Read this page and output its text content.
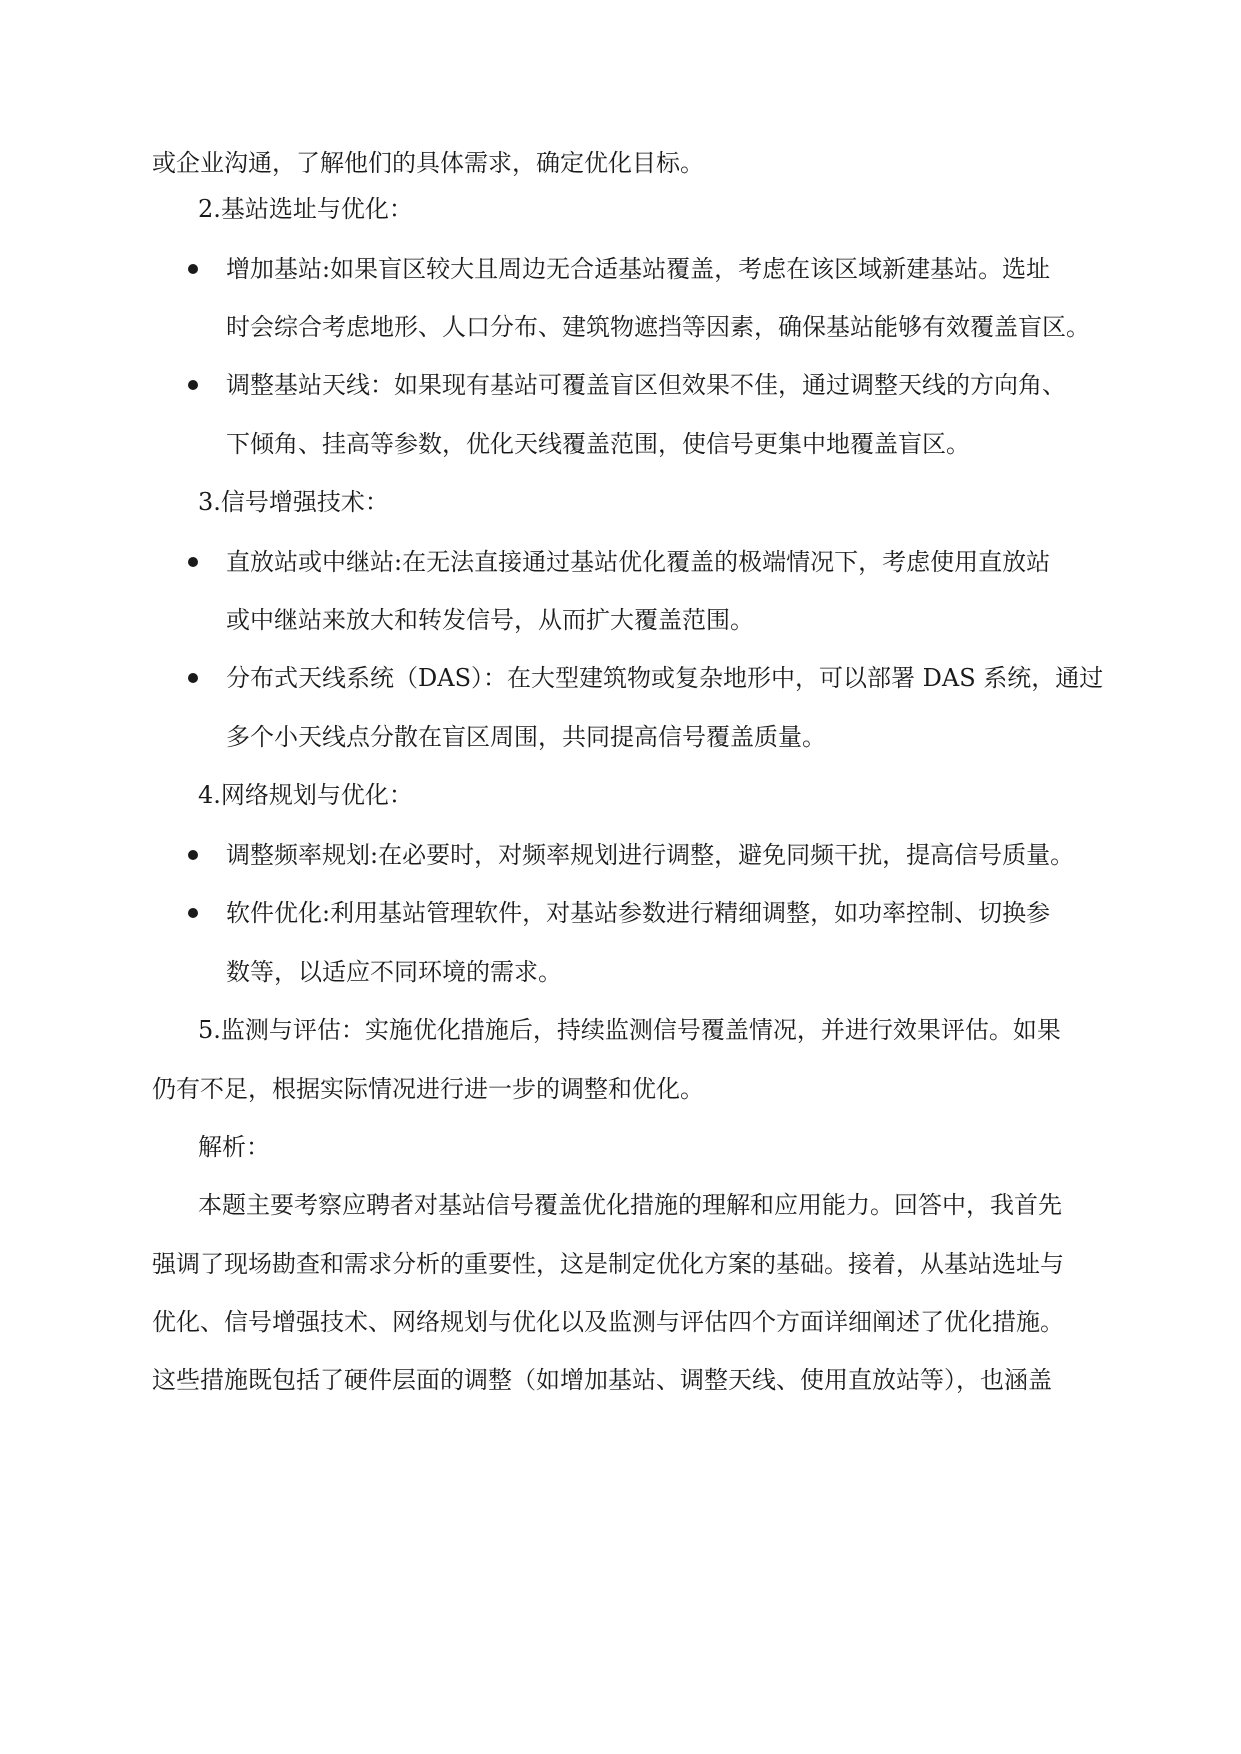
或企业沟通，了解他们的具体需求，确定优化目标。
2.基站选址与优化：
增加基站:如果盲区较大且周边无合适基站覆盖，考虑在该区域新建基站。选址
时会综合考虑地形、人口分布、建筑物遮挡等因素，确保基站能够有效覆盖盲区。
调整基站天线：如果现有基站可覆盖盲区但效果不佳，通过调整天线的方向角、
下倾角、挂高等参数，优化天线覆盖范围，使信号更集中地覆盖盲区。
3.信号增强技术：
直放站或中继站:在无法直接通过基站优化覆盖的极端情况下，考虑使用直放站
或中继站来放大和转发信号，从而扩大覆盖范围。
分布式天线系统（DAS）：在大型建筑物或复杂地形中，可以部署 DAS 系统，通过
多个小天线点分散在盲区周围，共同提高信号覆盖质量。
4.网络规划与优化：
调整频率规划:在必要时，对频率规划进行调整，避免同频干扰，提高信号质量。
软件优化:利用基站管理软件，对基站参数进行精细调整，如功率控制、切换参
数等，以适应不同环境的需求。
5.监测与评估：实施优化措施后，持续监测信号覆盖情况，并进行效果评估。如果
仍有不足，根据实际情况进行进一步的调整和优化。
解析：
本题主要考察应聘者对基站信号覆盖优化措施的理解和应用能力。回答中，我首先
强调了现场勘查和需求分析的重要性，这是制定优化方案的基础。接着，从基站选址与
优化、信号增强技术、网络规划与优化以及监测与评估四个方面详细阐述了优化措施。
这些措施既包括了硬件层面的调整（如增加基站、调整天线、使用直放站等），也涵盖
